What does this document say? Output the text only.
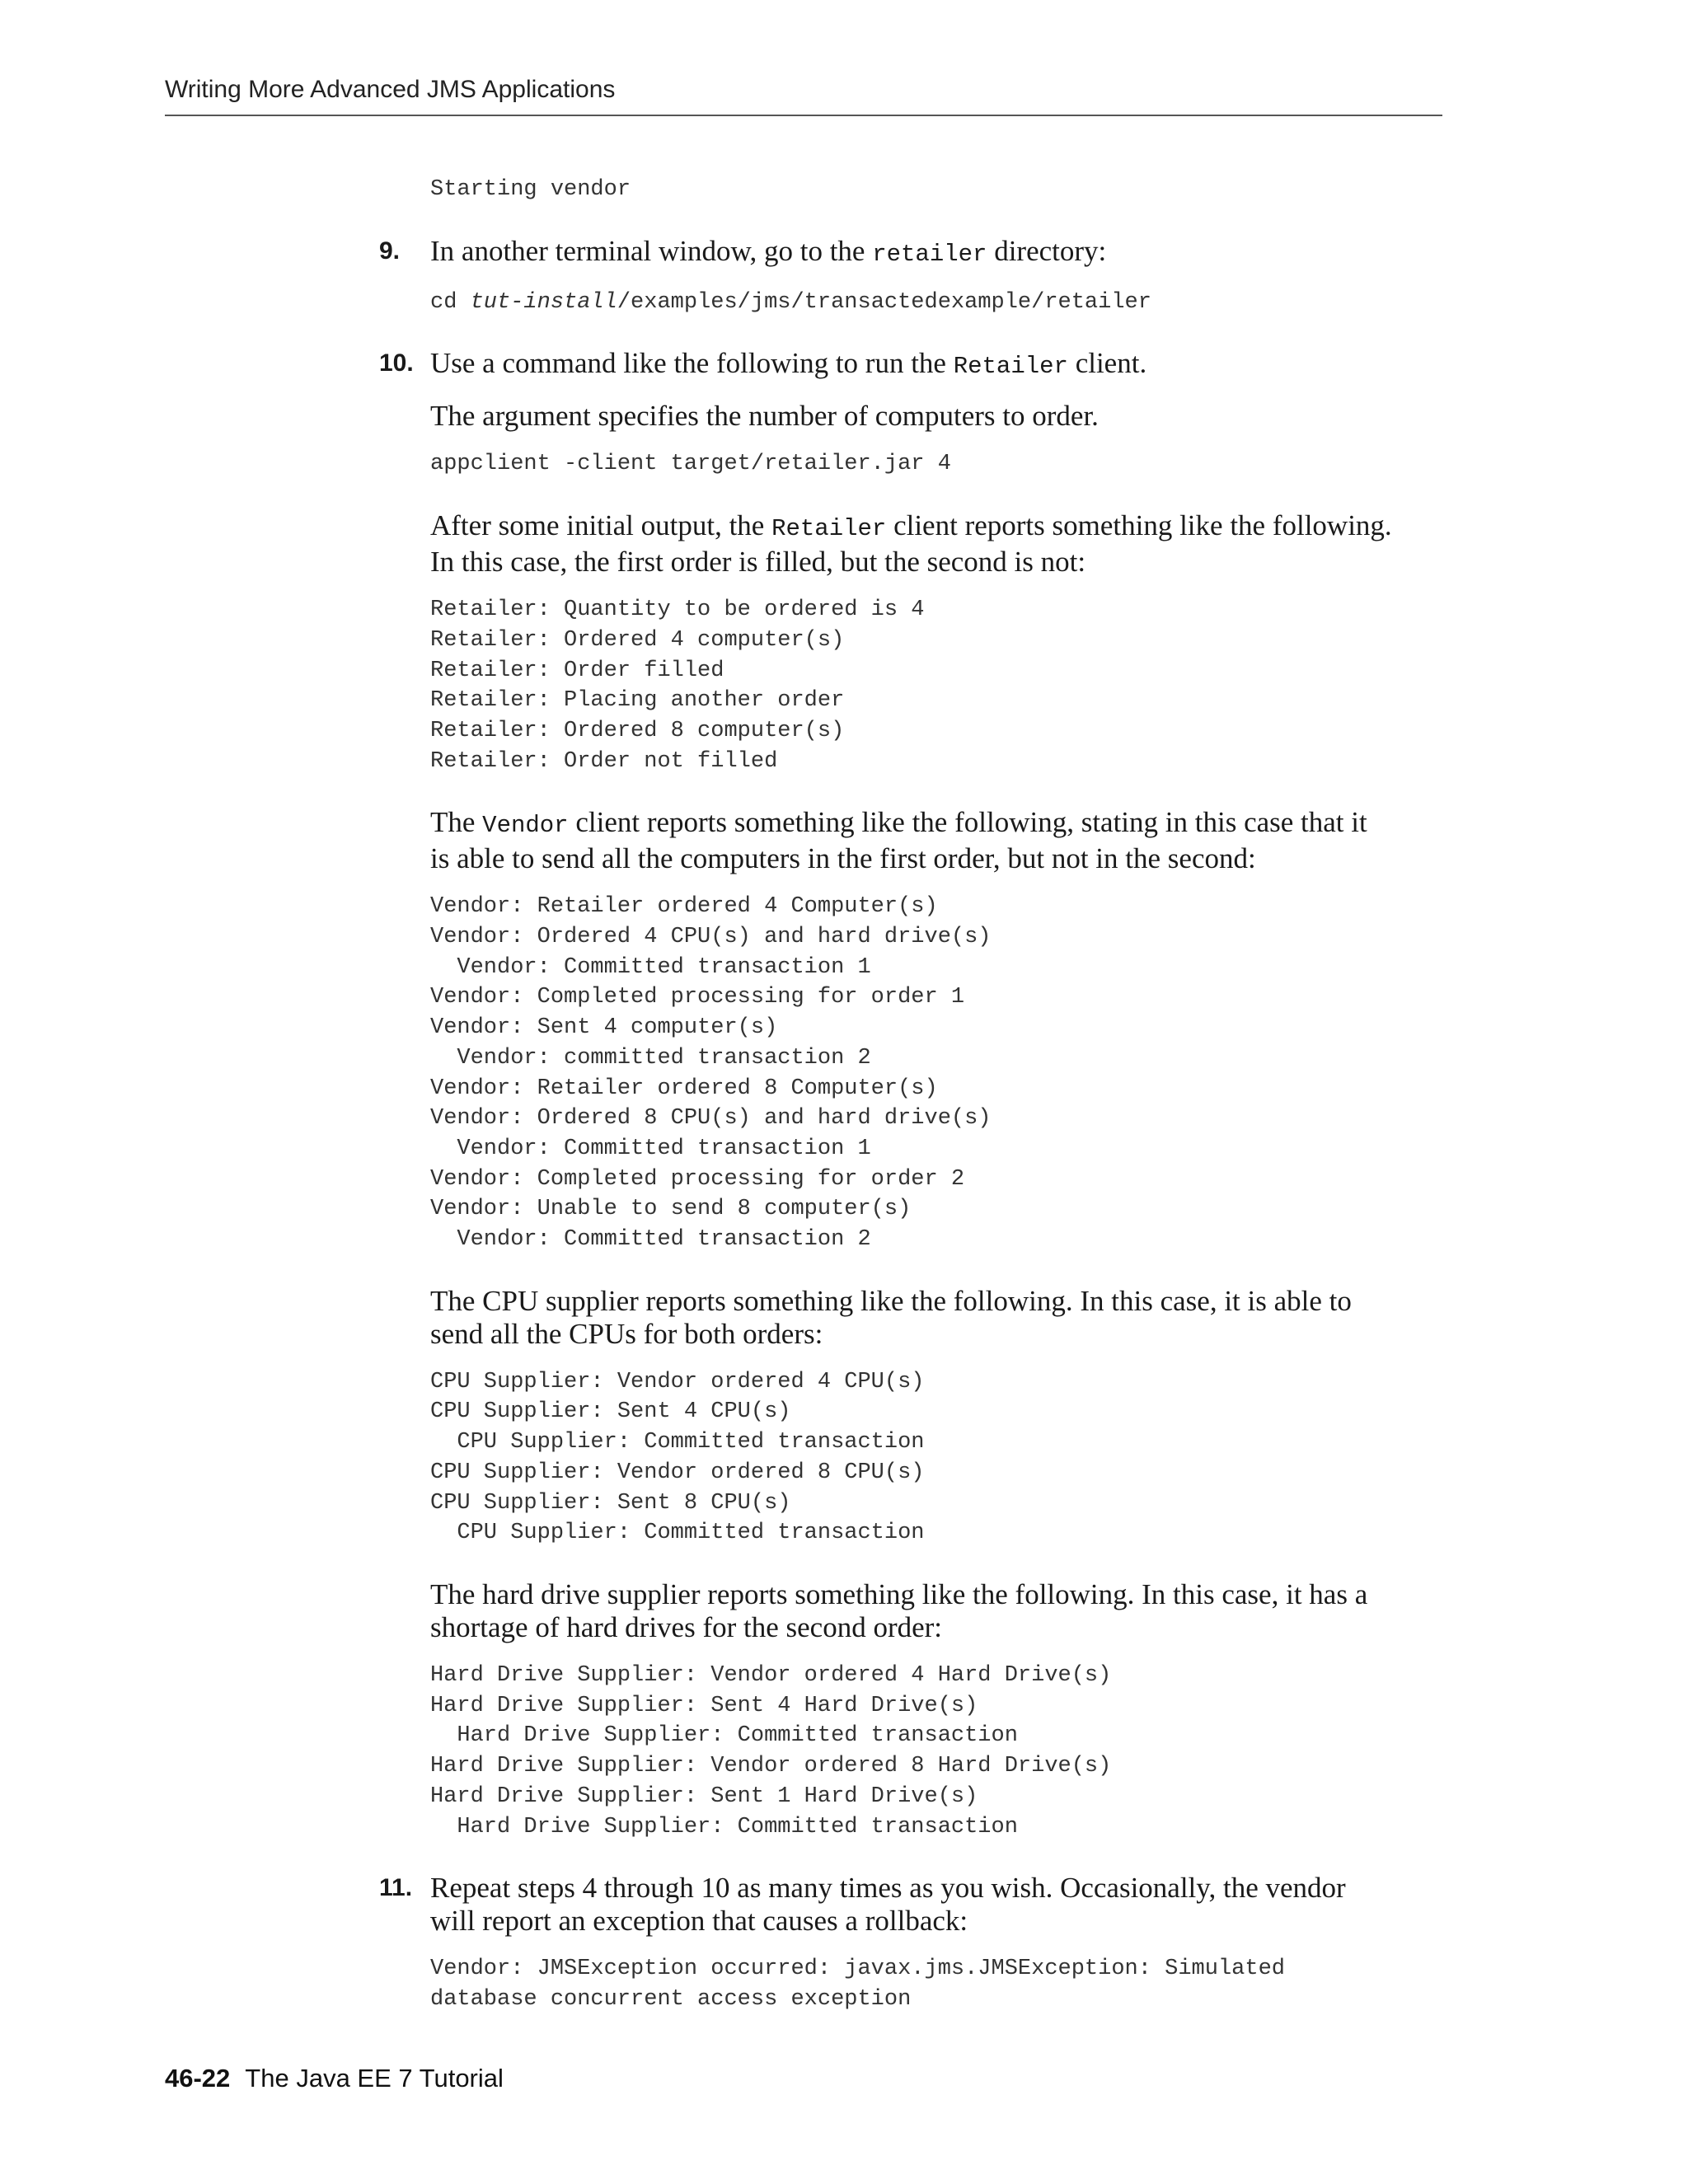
Writing More Advanced JMS Applications
Starting vendor
9. In another terminal window, go to the retailer directory:
cd tut-install/examples/jms/transactedexample/retailer
10. Use a command like the following to run the Retailer client.
The argument specifies the number of computers to order.
appclient -client target/retailer.jar 4
After some initial output, the Retailer client reports something like the following.
In this case, the first order is filled, but the second is not:
Retailer: Quantity to be ordered is 4
Retailer: Ordered 4 computer(s)
Retailer: Order filled
Retailer: Placing another order
Retailer: Ordered 8 computer(s)
Retailer: Order not filled
The Vendor client reports something like the following, stating in this case that it
is able to send all the computers in the first order, but not in the second:
Vendor: Retailer ordered 4 Computer(s)
Vendor: Ordered 4 CPU(s) and hard drive(s)
Vendor: Committed transaction 1
Vendor: Completed processing for order 1
Vendor: Sent 4 computer(s)
Vendor: committed transaction 2
Vendor: Retailer ordered 8 Computer(s)
Vendor: Ordered 8 CPU(s) and hard drive(s)
Vendor: Committed transaction 1
Vendor: Completed processing for order 2
Vendor: Unable to send 8 computer(s)
Vendor: Committed transaction 2
The CPU supplier reports something like the following. In this case, it is able to
send all the CPUs for both orders:
CPU Supplier: Vendor ordered 4 CPU(s)
CPU Supplier: Sent 4 CPU(s)
CPU Supplier: Committed transaction
CPU Supplier: Vendor ordered 8 CPU(s)
CPU Supplier: Sent 8 CPU(s)
CPU Supplier: Committed transaction
The hard drive supplier reports something like the following. In this case, it has a
shortage of hard drives for the second order:
Hard Drive Supplier: Vendor ordered 4 Hard Drive(s)
Hard Drive Supplier: Sent 4 Hard Drive(s)
Hard Drive Supplier: Committed transaction
Hard Drive Supplier: Vendor ordered 8 Hard Drive(s)
Hard Drive Supplier: Sent 1 Hard Drive(s)
Hard Drive Supplier: Committed transaction
11. Repeat steps 4 through 10 as many times as you wish. Occasionally, the vendor
will report an exception that causes a rollback:
Vendor: JMSException occurred: javax.jms.JMSException: Simulated
database concurrent access exception
46-22 The Java EE 7 Tutorial
